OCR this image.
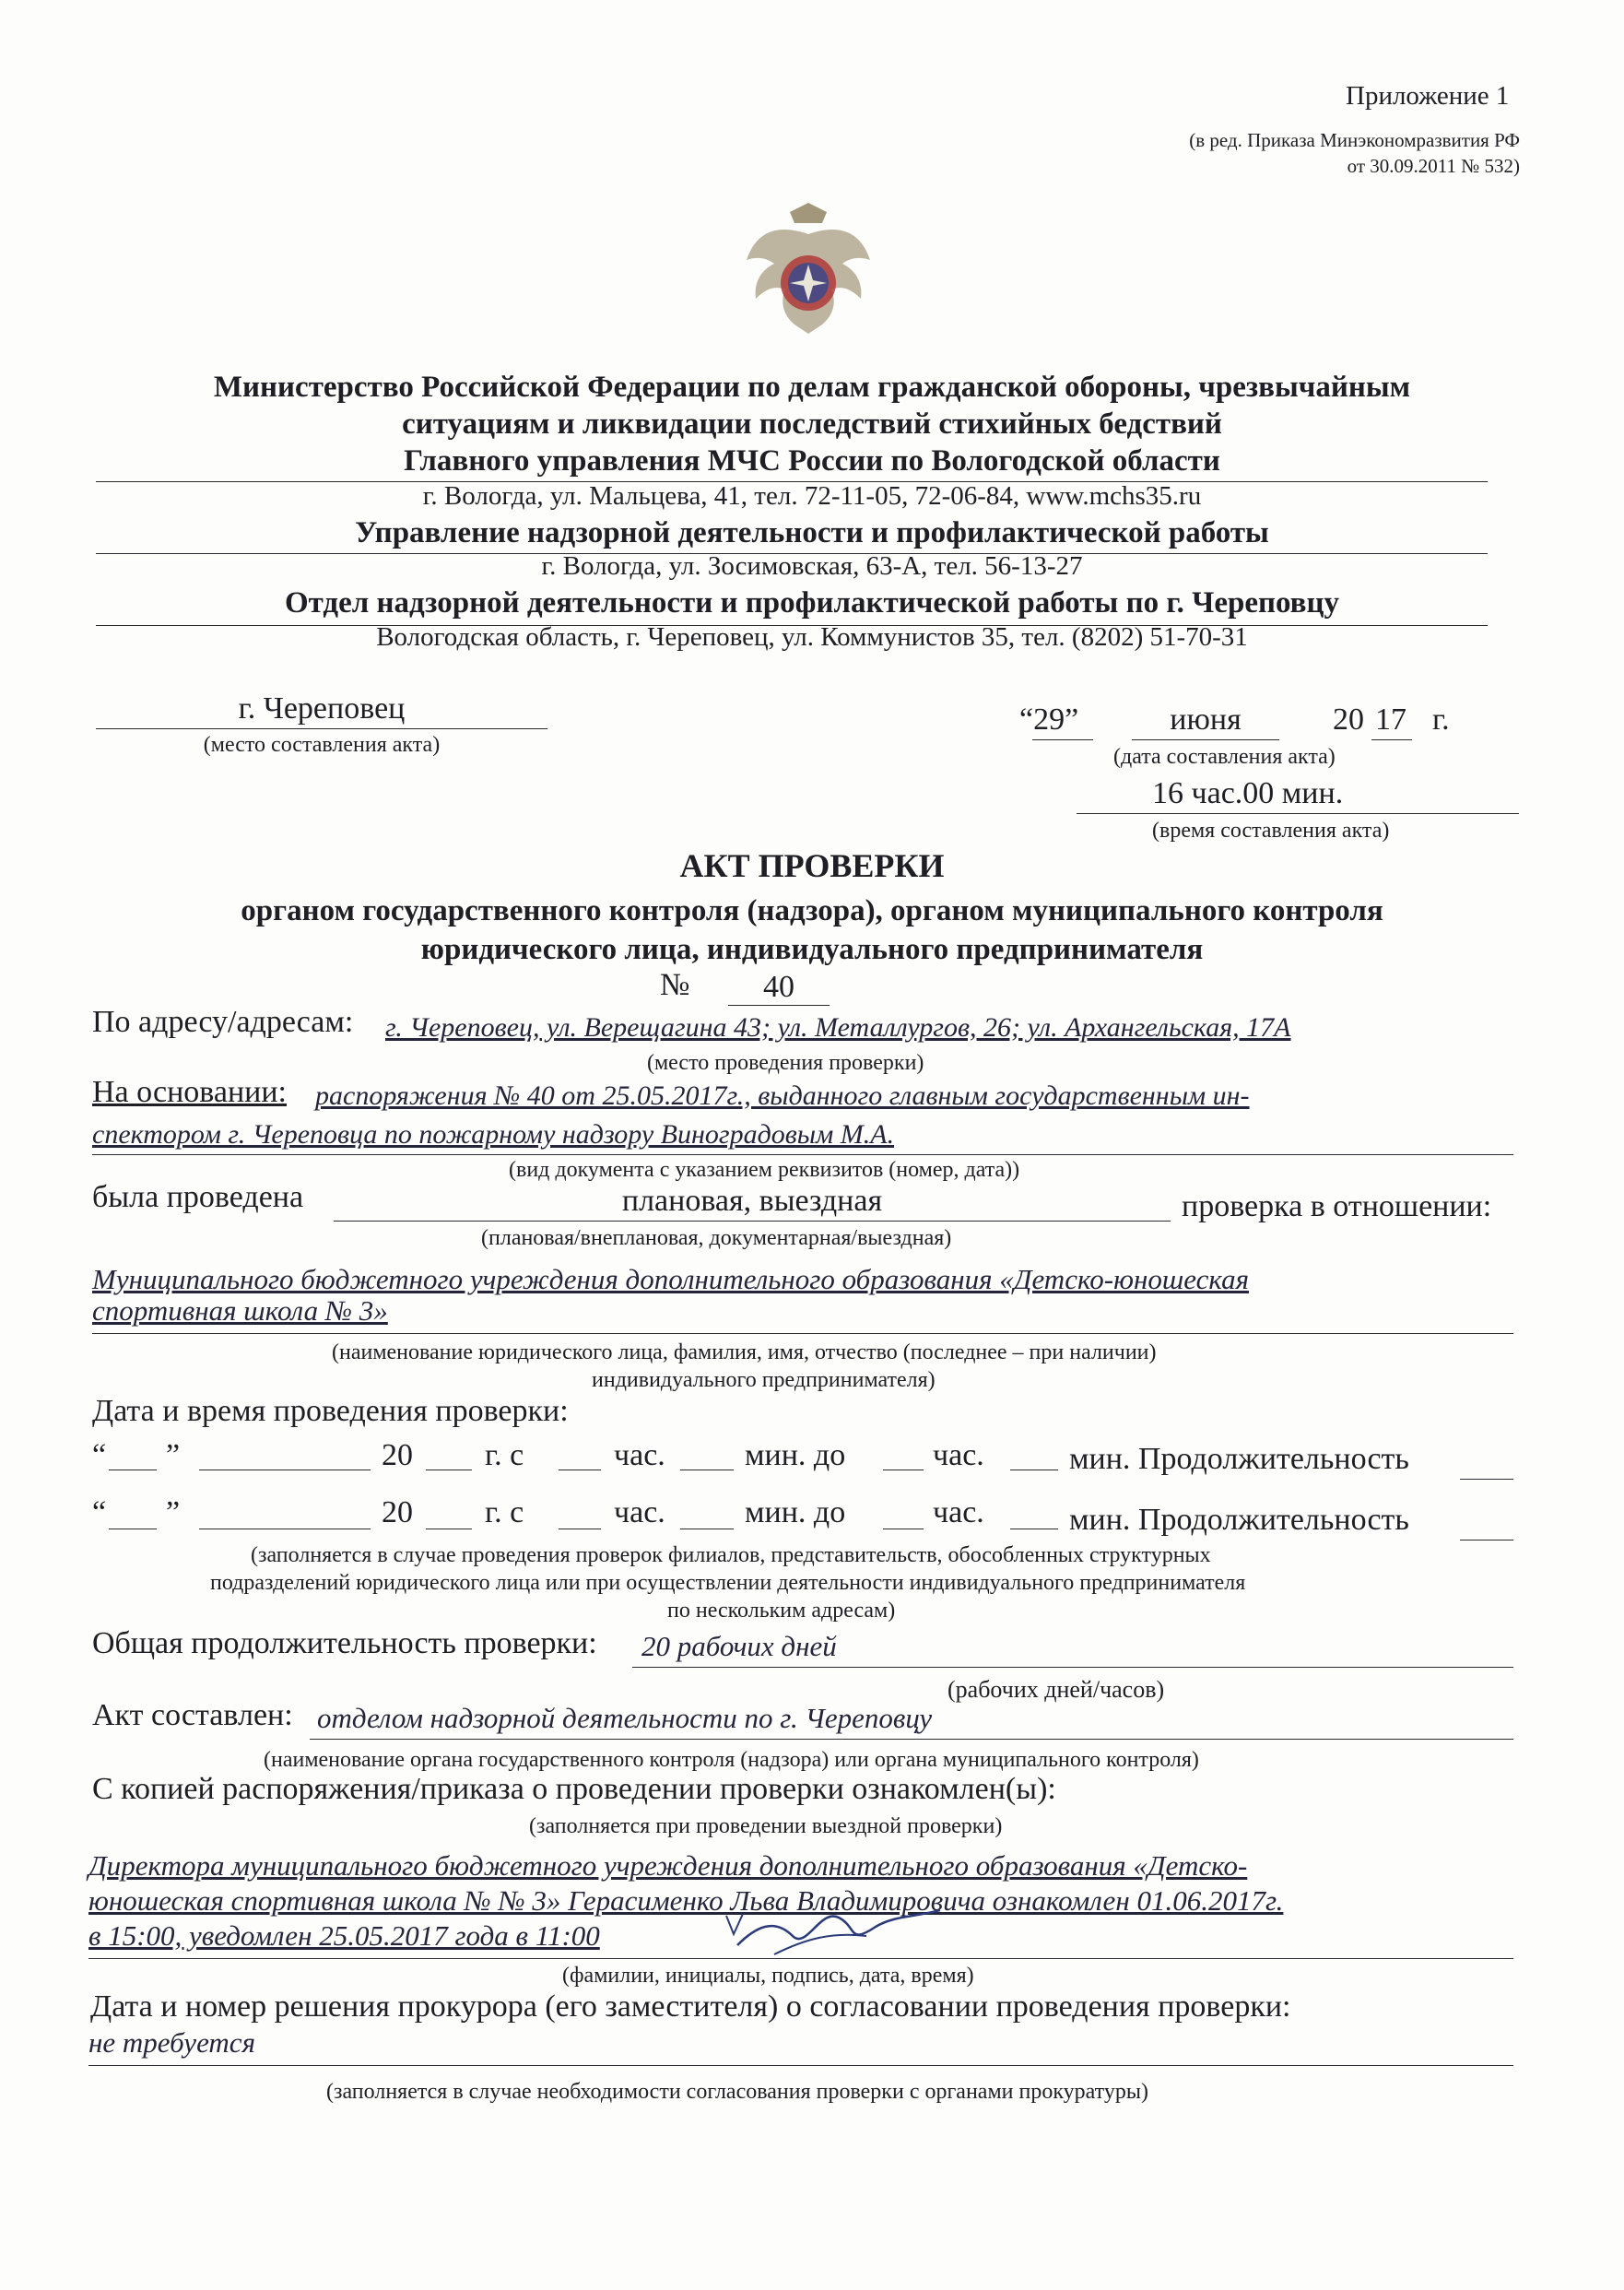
Приложение 1
(в ред. Приказа Минэкономразвития РФ
от 30.09.2011 № 532)
Министерство Российской Федерации по делам гражданской обороны, чрезвычайным
ситуациям и ликвидации последствий стихийных бедствий
Главного управления МЧС России по Вологодской области
г. Вологда, ул. Мальцева, 41, тел. 72-11-05, 72-06-84, www.mchs35.ru
Управление надзорной деятельности и профилактической работы
г. Вологда, ул. Зосимовская, 63-А, тел. 56-13-27
Отдел надзорной деятельности и профилактической работы по г. Череповцу
Вологодская область, г. Череповец, ул. Коммунистов 35, тел. (8202) 51-70-31
г. Череповец
(место составления акта)
“29”	июня	20 17 г.
(дата составления акта)
16 час.00 мин.
(время составления акта)
АКТ ПРОВЕРКИ
органом государственного контроля (надзора), органом муниципального контроля
юридического лица, индивидуального предпринимателя
№	40
По адресу/адресам: г. Череповец, ул. Верещагина 43; ул. Металлургов, 26; ул. Архангельская, 17А
(место проведения проверки)
На основании: распоряжения № 40 от 25.05.2017г., выданного главным государственным ин-
спектором г. Череповца по пожарному надзору Виноградовым М.А.
(вид документа с указанием реквизитов (номер, дата))
была проведена	плановая, выездная	проверка в отношении:
(плановая/внеплановая, документарная/выездная)
Муниципального бюджетного учреждения дополнительного образования «Детско-юношеская
спортивная школа № 3»
(наименование юридического лица, фамилия, имя, отчество (последнее – при наличии)
индивидуального предпринимателя)
Дата и время проведения проверки:
“ ”	20 г. с	час.	мин. до	час.	мин. Продолжительность
“ ”	20 г. с	час.	мин. до	час.	мин. Продолжительность
(заполняется в случае проведения проверок филиалов, представительств, обособленных структурных
подразделений юридического лица или при осуществлении деятельности индивидуального предпринимателя
по нескольким адресам)
Общая продолжительность проверки: 20 рабочих дней
(рабочих дней/часов)
Акт составлен: отделом надзорной деятельности по г. Череповцу
(наименование органа государственного контроля (надзора) или органа муниципального контроля)
С копией распоряжения/приказа о проведении проверки ознакомлен(ы):
(заполняется при проведении выездной проверки)
Директора муниципального бюджетного учреждения дополнительного образования «Детско-
юношеская спортивная школа № № 3» Герасименко Льва Владимировича ознакомлен 01.06.2017г.
в 15:00, уведомлен 25.05.2017 года в 11:00
(фамилии, инициалы, подпись, дата, время)
Дата и номер решения прокурора (его заместителя) о согласовании проведения проверки:
не требуется
(заполняется в случае необходимости согласования проверки с органами прокуратуры)
